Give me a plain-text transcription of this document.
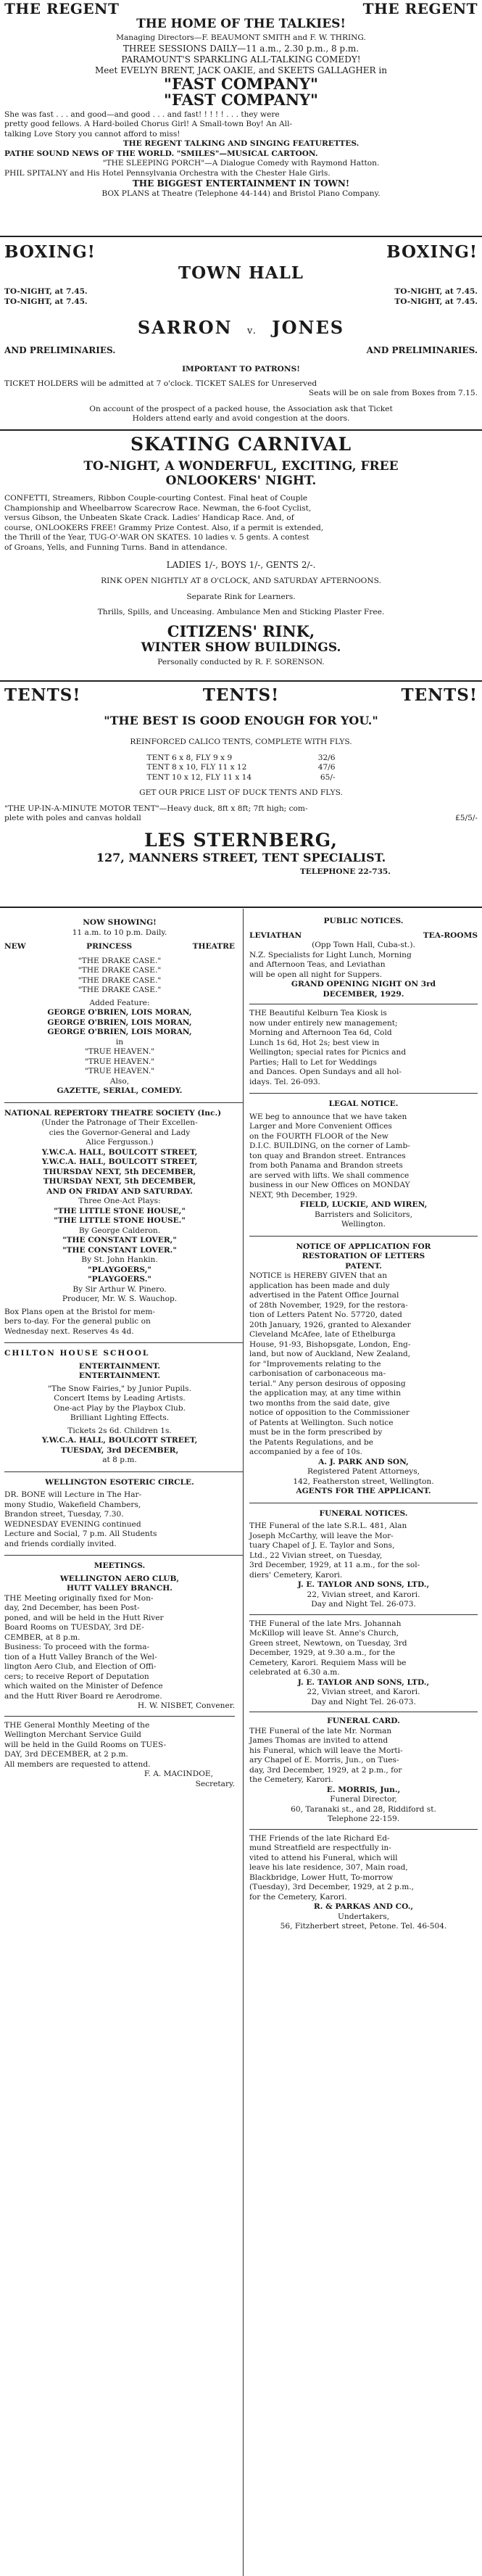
THE REGENT	THE REGENT
THE HOME OF THE TALKIES!
Managing Directors—F. BEAUMONT SMITH and F. W. THRING.
THREE SESSIONS DAILY—11 a.m., 2.30 p.m., 8 p.m.
PARAMOUNT'S SPARKLING ALL-TALKING COMEDY!
Meet EVELYN BRENT, JACK OAKIE, and SKEETS GALLAGHER in
"FAST COMPANY"
"FAST COMPANY"
She was fast . . . and good—and good . . . and fast! ! ! ! ! . . . they were
pretty good fellows. A Hard-boiled Chorus Girl! A Small-town Boy! An All-
talking Love Story you cannot afford to miss!
THE REGENT TALKING AND SINGING FEATURETTES.
PATHE SOUND NEWS OF THE WORLD. "SMILES"—MUSICAL CARTOON.
"THE SLEEPING PORCH"—A Dialogue Comedy with Raymond Hatton.
PHIL SPITALNY and His Hotel Pennsylvania Orchestra with the Chester Hale Girls.
THE BIGGEST ENTERTAINMENT IN TOWN!
BOX PLANS at Theatre (Telephone 44-144) and Bristol Piano Company.
BOXING!	BOXING!
TOWN HALL
TO-NIGHT, at 7.45.
TO-NIGHT, at 7.45.
TO-NIGHT, at 7.45.
TO-NIGHT, at 7.45.
SARRON v. JONES
AND PRELIMINARIES.	AND PRELIMINARIES.
IMPORTANT TO PATRONS!
TICKET HOLDERS will be admitted at 7 o'clock. TICKET SALES for Unreserved
Seats will be on sale from Boxes from 7.15.
On account of the prospect of a packed house, the Association ask that Ticket
Holders attend early and avoid congestion at the doors.
SKATING CARNIVAL
TO-NIGHT, A WONDERFUL, EXCITING, FREE
ONLOOKERS' NIGHT.
CONFETTI, Streamers, Ribbon Couple-courting Contest. Final heat of Couple
Championship and Wheelbarrow Scarecrow Race. Newman, the 6-foot Cyclist,
versus Gibson, the Unbeaten Skate Crack. Ladies' Handicap Race. And, of
course, ONLOOKERS FREE! Grammy Prize Contest. Also, if a permit is extended,
the Thrill of the Year, TUG-O'-WAR ON SKATES. 10 ladies v. 5 gents. A contest
of Groans, Yells, and Funning Turns. Band in attendance.
LADIES 1/-, BOYS 1/-, GENTS 2/-.
RINK OPEN NIGHTLY AT 8 O'CLOCK, AND SATURDAY AFTERNOONS.
Separate Rink for Learners.
Thrills, Spills, and Unceasing. Ambulance Men and Sticking Plaster Free.
CITIZENS' RINK,
WINTER SHOW BUILDINGS.
Personally conducted by R. F. SORENSON.
TENTS!	TENTS!	TENTS!
"THE BEST IS GOOD ENOUGH FOR YOU."
REINFORCED CALICO TENTS, COMPLETE WITH FLYS.
TENT 6 x 8, FLY 9 x 9	32/6
TENT 8 x 10, FLY 11 x 12	47/6
TENT 10 x 12, FLY 11 x 14	65/-
GET OUR PRICE LIST OF DUCK TENTS AND FLYS.
"THE UP-IN-A-MINUTE MOTOR TENT"—Heavy duck, 8ft x 8ft; 7ft high; com-
plete with poles and canvas holdall	£5/5/-
LES STERNBERG,
127, MANNERS STREET, TENT SPECIALIST.
TELEPHONE 22-735.
NOW SHOWING!
11 a.m. to 10 p.m. Daily.
NEW	PRINCESS	THEATRE
"THE DRAKE CASE."
"THE DRAKE CASE."
"THE DRAKE CASE."
"THE DRAKE CASE."
Added Feature:
GEORGE O'BRIEN, LOIS MORAN,
GEORGE O'BRIEN, LOIS MORAN,
GEORGE O'BRIEN, LOIS MORAN,
in
"TRUE HEAVEN."
"TRUE HEAVEN."
"TRUE HEAVEN."
Also,
GAZETTE, SERIAL, COMEDY.
NATIONAL REPERTORY THEATRE SOCIETY (Inc.)
(Under the Patronage of Their Excellen-
cies the Governor-General and Lady
Alice Fergusson.)
Y.W.C.A. HALL, BOULCOTT STREET,
Y.W.C.A. HALL, BOULCOTT STREET,
THURSDAY NEXT, 5th DECEMBER,
THURSDAY NEXT, 5th DECEMBER,
AND ON FRIDAY AND SATURDAY.
Three One-Act Plays:
"THE LITTLE STONE HOUSE,"
"THE LITTLE STONE HOUSE."
By George Calderon.
"THE CONSTANT LOVER,"
"THE CONSTANT LOVER."
By St. John Hankin.
"PLAYGOERS,"
"PLAYGOERS."
By Sir Arthur W. Pinero.
Producer, Mr. W. S. Wauchop.
Box Plans open at the Bristol for mem-
bers to-day. For the general public on
Wednesday next. Reserves 4s 4d.
CHILTON HOUSE SCHOOL
ENTERTAINMENT.
ENTERTAINMENT.
"The Snow Fairies," by Junior Pupils.
Concert Items by Leading Artists.
One-act Play by the Playbox Club.
Brilliant Lighting Effects.
Tickets 2s 6d. Children 1s.
Y.W.C.A. HALL, BOULCOTT STREET,
TUESDAY, 3rd DECEMBER,
at 8 p.m.
WELLINGTON ESOTERIC CIRCLE.
DR. BONE will Lecture in The Har-
mony Studio, Wakefield Chambers,
Brandon street, Tuesday, 7.30.
WEDNESDAY EVENING continued
Lecture and Social, 7 p.m. All Students
and friends cordially invited.
MEETINGS.
WELLINGTON AERO CLUB,
HUTT VALLEY BRANCH.
THE Meeting originally fixed for Mon-
day, 2nd December, has been Post-
poned, and will be held in the Hutt River
Board Rooms on TUESDAY, 3rd DE-
CEMBER, at 8 p.m.
Business: To proceed with the forma-
tion of a Hutt Valley Branch of the Wel-
lington Aero Club, and Election of Offi-
cers; to receive Report of Deputation
which waited on the Minister of Defence
and the Hutt River Board re Aerodrome.
H. W. NISBET, Convener.
THE General Monthly Meeting of the
Wellington Merchant Service Guild
will be held in the Guild Rooms on TUES-
DAY, 3rd DECEMBER, at 2 p.m.
All members are requested to attend.
F. A. MACINDOE,
Secretary.
PUBLIC NOTICES.
LEVIATHAN	TEA-ROOMS
(Opp Town Hall, Cuba-st.).
N.Z. Specialists for Light Lunch, Morning
and Afternoon Teas, and Leviathan
will be open all night for Suppers.
GRAND OPENING NIGHT ON 3rd
DECEMBER, 1929.
THE Beautiful Kelburn Tea Kiosk is
now under entirely new management;
Morning and Afternoon Tea 6d, Cold
Lunch 1s 6d, Hot 2s; best view in
Wellington; special rates for Picnics and
Parties; Hall to Let for Weddings
and Dances. Open Sundays and all hol-
idays. Tel. 26-093.
LEGAL NOTICE.
WE beg to announce that we have taken
Larger and More Convenient Offices
on the FOURTH FLOOR of the New
D.I.C. BUILDING, on the corner of Lamb-
ton quay and Brandon street. Entrances
from both Panama and Brandon streets
are served with lifts. We shall commence
business in our New Offices on MONDAY
NEXT, 9th December, 1929.
FIELD, LUCKIE, AND WIREN,
Barristers and Solicitors,
Wellington.
NOTICE OF APPLICATION FOR
RESTORATION OF LETTERS
PATENT.
NOTICE is HEREBY GIVEN that an
application has been made and duly
advertised in the Patent Office Journal
of 28th November, 1929, for the restora-
tion of Letters Patent No. 57720, dated
20th January, 1926, granted to Alexander
Cleveland McAfee, late of Ethelburga
House, 91-93, Bishopsgate, London, Eng-
land, but now of Auckland, New Zealand,
for "Improvements relating to the
carbonisation of carbonaceous ma-
terial." Any person desirous of opposing
the application may, at any time within
two months from the said date, give
notice of opposition to the Commissioner
of Patents at Wellington. Such notice
must be in the form prescribed by
the Patents Regulations, and be
accompanied by a fee of 10s.
A. J. PARK AND SON,
Registered Patent Attorneys,
142, Featherston street, Wellington.
AGENTS FOR THE APPLICANT.
FUNERAL NOTICES.
THE Funeral of the late S.R.L. 481, Alan
Joseph McCarthy, will leave the Mor-
tuary Chapel of J. E. Taylor and Sons,
Ltd., 22 Vivian street, on Tuesday,
3rd December, 1929, at 11 a.m., for the sol-
diers' Cemetery, Karori.
J. E. TAYLOR AND SONS, LTD.,
22, Vivian street, and Karori.
Day and Night Tel. 26-073.
THE Funeral of the late Mrs. Johannah
McKillop will leave St. Anne's Church,
Green street, Newtown, on Tuesday, 3rd
December, 1929, at 9.30 a.m., for the
Cemetery, Karori. Requiem Mass will be
celebrated at 6.30 a.m.
J. E. TAYLOR AND SONS, LTD.,
22, Vivian street, and Karori.
Day and Night Tel. 26-073.
FUNERAL CARD.
THE Funeral of the late Mr. Norman
James Thomas are invited to attend
his Funeral, which will leave the Morti-
ary Chapel of E. Morris, Jun., on Tues-
day, 3rd December, 1929, at 2 p.m., for
the Cemetery, Karori.
E. MORRIS, Jun.,
Funeral Director,
60, Taranaki st., and 28, Riddiford st.
Telephone 22-159.
THE Friends of the late Richard Ed-
mund Streatfield are respectfully in-
vited to attend his Funeral, which will
leave his late residence, 307, Main road,
Blackbridge, Lower Hutt, To-morrow
(Tuesday), 3rd December, 1929, at 2 p.m.,
for the Cemetery, Karori.
R. & PARKAS AND CO.,
Undertakers,
56, Fitzherbert street, Petone. Tel. 46-504.
